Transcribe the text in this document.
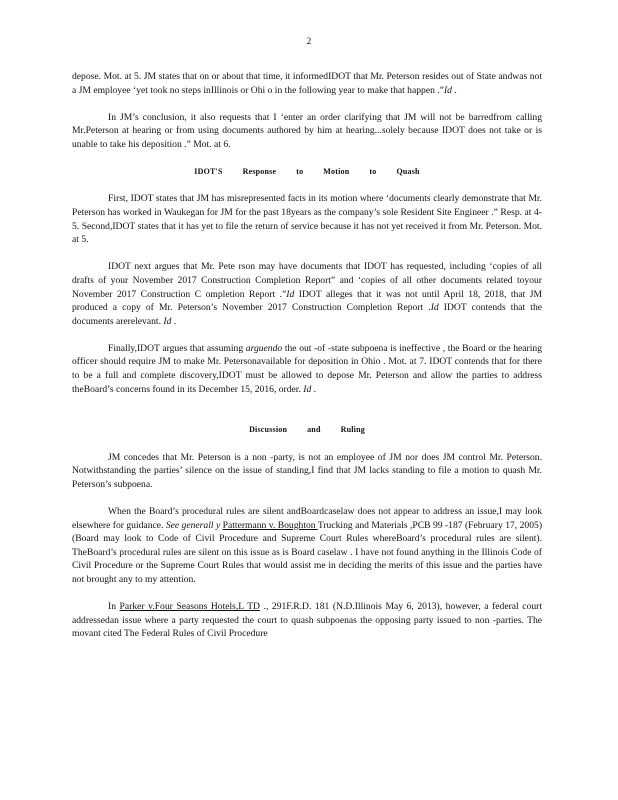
2

depose. Mot. at 5. JM states that on or about that time, it informedIDOT that Mr. Peterson resides out of State andwas not a JM employee ‘yet took no steps inIllinois or Ohi o in the following year to make that happen .”Id .

In JM’s conclusion, it also requests that I ‘enter an order clarifying that JM will not be barredfrom calling Mr.Peterson at hearing or from using documents authored by him at hearing...solely because IDOT does not take or is unable to take his deposition .” Mot. at 6.

IDOT'S	Response	to	Motion	to	Quash

First, IDOT states that JM has misrepresented facts in its motion where ‘documents clearly demonstrate that Mr. Peterson has worked in Waukegan for JM for the past 18years as the company’s sole Resident Site Engineer .” Resp. at 4-5. Second,IDOT states that it has yet to file the return of service because it has not yet received it from Mr. Peterson. Mot. at 5.

IDOT next argues that Mr. Pete rson may have documents that IDOT has requested, including ‘copies of all drafts of your November 2017 Construction Completion Report” and ‘copies of all other documents related toyour November 2017 Construction C ompletion Report .”Id IDOT alleges that it was not until April 18, 2018, that JM produced a copy of Mr. Peterson’s November 2017 Construction Completion Report .Id IDOT contends that the documents arerelevant. Id .

Finally,IDOT argues that assuming arguendo the out -of -state subpoena is ineffective , the Board or the hearing officer should require JM to make Mr. Petersonavailable for deposition in Ohio . Mot. at 7. IDOT contends that for there to be a full and complete discovery,IDOT must be allowed to depose Mr. Peterson and allow the parties to address theBoard’s concerns found in its December 15, 2016, order. Id .

Discussion	and	Ruling

JM concedes that Mr. Peterson is a non -party, is not an employee of JM nor does JM control Mr. Peterson. Notwithstanding the parties’ silence on the issue of standing,I find that JM lacks standing to file a motion to quash Mr. Peterson’s subpoena.

When the Board’s procedural rules are silent andBoardcaselaw does not appear to address an issue,I may look elsewhere for guidance. See generall y Pattermann v. Boughton Trucking and Materials ,PCB 99 -187 (February 17, 2005)(Board may look to Code of Civil Procedure and Supreme Court Rules whereBoard’s procedural rules are silent). TheBoard’s procedural rules are silent on this issue as is Board caselaw . I have not found anything in the Illinois Code of Civil Procedure or the Supreme Court Rules that would assist me in deciding the merits of this issue and the parties have not brought any to my attention.

In Parker v.Four Seasons Hotels,L TD ., 291F.R.D. 181 (N.D.Illinois May 6, 2013), however, a federal court addressedan issue where a party requested the court to quash subpoenas the opposing party issued to non -parties. The movant cited The Federal Rules of Civil Procedure
